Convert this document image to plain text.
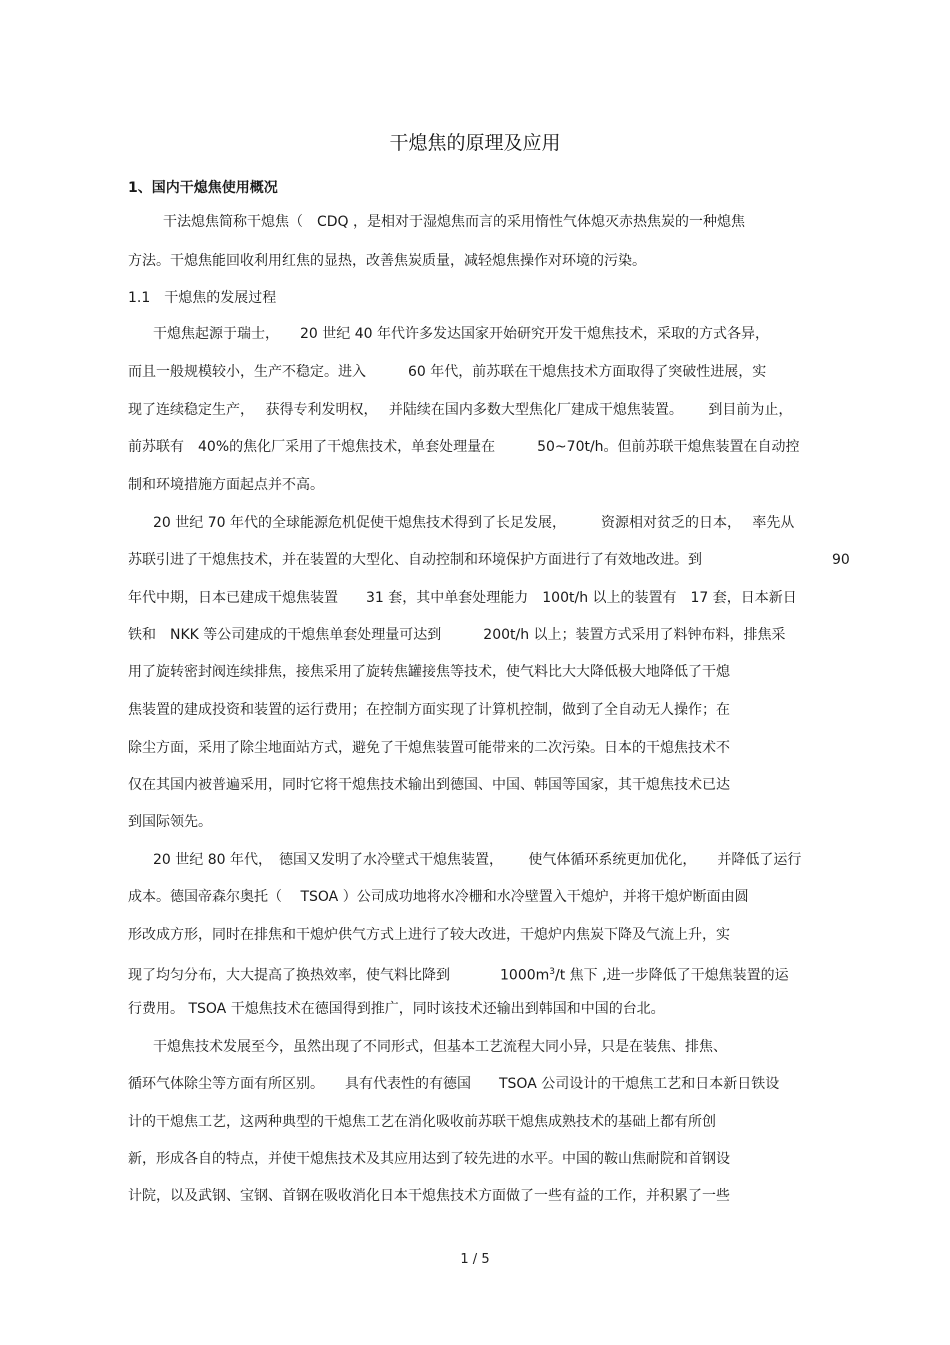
干熄焦的原理及应用
1、国内干熄焦使用概况
干法熄焦简称干熄焦（　CDQ ，是相对于湿熄焦而言的采用惰性气体熄灭赤热焦炭的一种熄焦
方法。干熄焦能回收利用红焦的显热，改善焦炭质量，减轻熄焦操作对环境的污染。
1.1　干熄焦的发展过程
干熄焦起源于瑞士，　　20 世纪 40 年代许多发达国家开始研究开发干熄焦技术，采取的方式各异，
而且一般规模较小，生产不稳定。进入　　　60 年代，前苏联在干熄焦技术方面取得了突破性进展，实
现了连续稳定生产，　 获得专利发明权，　 并陆续在国内多数大型焦化厂建成干熄焦装置。　　 到目前为止，
前苏联有　40%的焦化厂采用了干熄焦技术，单套处理量在　　　50~70t/h。但前苏联干熄焦装置在自动控
制和环境措施方面起点并不高。
20 世纪 70 年代的全球能源危机促使干熄焦技术得到了长足发展，　　　资源相对贫乏的日本，　 率先从
苏联引进了干熄焦技术，并在装置的大型化、自动控制和环境保护方面进行了有效地改进。到	90
年代中期，日本已建成干熄焦装置　　31 套，其中单套处理能力　100t/h 以上的装置有　17 套，日本新日
铁和　NKK 等公司建成的干熄焦单套处理量可达到　　　200t/h 以上；装置方式采用了料钟布料，排焦采
用了旋转密封阀连续排焦，接焦采用了旋转焦罐接焦等技术，使气料比大大降低极大地降低了干熄
焦装置的建成投资和装置的运行费用；在控制方面实现了计算机控制，做到了全自动无人操作；在
除尘方面，采用了除尘地面站方式，避免了干熄焦装置可能带来的二次污染。日本的干熄焦技术不
仅在其国内被普遍采用，同时它将干熄焦技术输出到德国、中国、韩国等国家，其干熄焦技术已达
到国际领先。
20 世纪 80 年代，　德国又发明了水冷壁式干熄焦装置，　　 使气体循环系统更加优化，　　并降低了运行
成本。德国帝森尔奥托（　 TSOA ）公司成功地将水冷栅和水冷壁置入干熄炉，并将干熄炉断面由圆
形改成方形，同时在排焦和干熄炉供气方式上进行了较大改进，干熄炉内焦炭下降及气流上升，实
现了均匀分布，大大提高了换热效率，使气料比降到	$1000m^3/t$ 焦下 ,进一步降低了干熄焦装置的运
行费用。 TSOA 干熄焦技术在德国得到推广，同时该技术还输出到韩国和中国的台北。
干熄焦技术发展至今，虽然出现了不同形式，但基本工艺流程大同小异，只是在装焦、排焦、
循环气体除尘等方面有所区别。　　具有代表性的有德国　　TSOA 公司设计的干熄焦工艺和日本新日铁设
计的干熄焦工艺，这两种典型的干熄焦工艺在消化吸收前苏联干熄焦成熟技术的基础上都有所创
新，形成各自的特点，并使干熄焦技术及其应用达到了较先进的水平。中国的鞍山焦耐院和首钢设
计院，以及武钢、宝钢、首钢在吸收消化日本干熄焦技术方面做了一些有益的工作，并积累了一些
1 / 5
